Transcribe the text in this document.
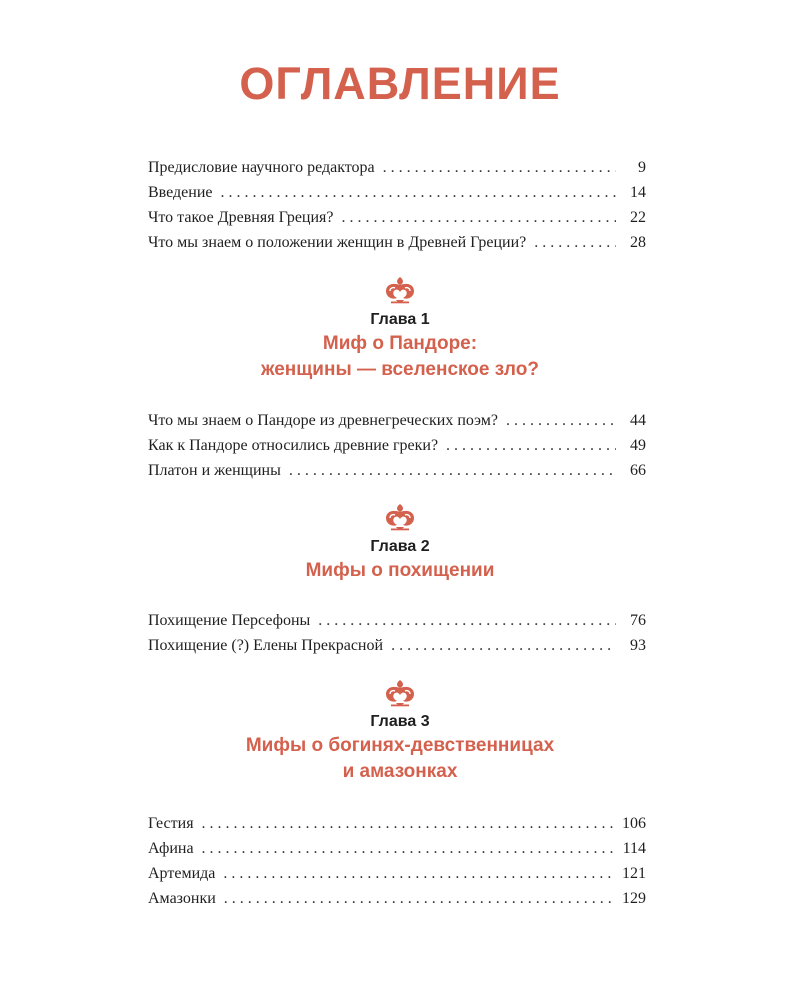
ОГЛАВЛЕНИЕ
Предисловие научного редактора . . .	9
Введение . . .	14
Что такое Древняя Греция? . . .	22
Что мы знаем о положении женщин в Древней Греции? . . .	28
Глава 1
Миф о Пандоре:
женщины — вселенское зло?
Что мы знаем о Пандоре из древнегреческих поэм? . . .	44
Как к Пандоре относились древние греки? . . .	49
Платон и женщины . . .	66
Глава 2
Мифы о похищении
Похищение Персефоны . . .	76
Похищение (?) Елены Прекрасной . . .	93
Глава 3
Мифы о богинях-девственницах
и амазонках
Гестия . . .	106
Афина . . .	114
Артемида . . .	121
Амазонки . . .	129
